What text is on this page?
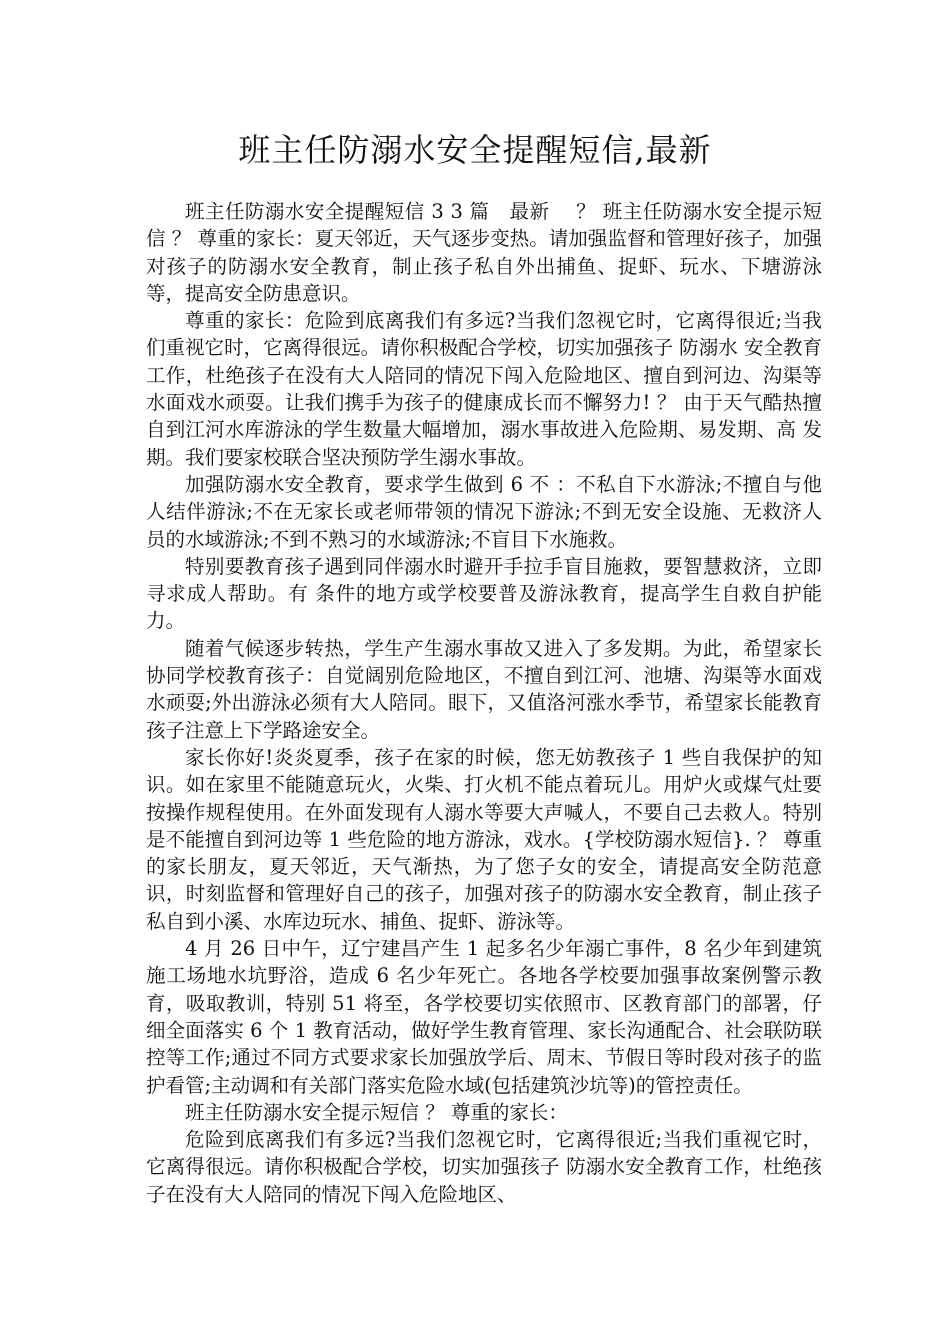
班主任防溺水安全提醒短信,最新

班主任防溺水安全提醒短信 3 3 篇　最新　 ？ 班主任防溺水安全提示短信 ？ 尊重的家长：夏天邻近，天气逐步变热。请加强监督和管理好孩子，加强对孩子的防溺水安全教育，制止孩子私自外出捕鱼、捉虾、玩水、下塘游泳等，提高安全防患意识。

尊重的家长：危险到底离我们有多远?当我们忽视它时，它离得很近;当我们重视它时，它离得很远。请你积极配合学校，切实加强孩子 防溺水 安全教育工作，杜绝孩子在没有大人陪同的情况下闯入危险地区、擅自到河边、沟渠等水面戏水顽耍。让我们携手为孩子的健康成长而不懈努力! ？ 由于天气酷热擅自到江河水库游泳的学生数量大幅增加，溺水事故进入危险期、易发期、高 发期。我们要家校联合坚决预防学生溺水事故。

加强防溺水安全教育，要求学生做到 6 不 ：不私自下水游泳;不擅自与他人结伴游泳;不在无家长或老师带领的情况下游泳;不到无安全设施、无救济人员的水域游泳;不到不熟习的水域游泳;不盲目下水施救。

特别要教育孩子遇到同伴溺水时避开手拉手盲目施救，要智慧救济，立即寻求成人帮助。有 条件的地方或学校要普及游泳教育，提高学生自救自护能力。

随着气候逐步转热，学生产生溺水事故又进入了多发期。为此，希望家长协同学校教育孩子：自觉阔别危险地区，不擅自到江河、池塘、沟渠等水面戏水顽耍;外出游泳必须有大人陪同。眼下，又值洛河涨水季节，希望家长能教育孩子注意上下学路途安全。

家长你好!炎炎夏季，孩子在家的时候，您无妨教孩子 1 些自我保护的知识。如在家里不能随意玩火，火柴、打火机不能点着玩儿。用炉火或煤气灶要按操作规程使用。在外面发现有人溺水等要大声喊人，不要自己去救人。特别是不能擅自到河边等 1 些危险的地方游泳，戏水。{学校防溺水短信}. ？ 尊重的家长朋友，夏天邻近，天气渐热，为了您子女的安全，请提高安全防范意识，时刻监督和管理好自己的孩子，加强对孩子的防溺水安全教育，制止孩子私自到小溪、水库边玩水、捕鱼、捉虾、游泳等。

4 月 26 日中午，辽宁建昌产生 1 起多名少年溺亡事件，8 名少年到建筑施工场地水坑野浴，造成 6 名少年死亡。各地各学校要加强事故案例警示教育，吸取教训，特别 51 将至，各学校要切实依照市、区教育部门的部署，仔细全面落实 6 个 1 教育活动，做好学生教育管理、家长沟通配合、社会联防联控等工作;通过不同方式要求家长加强放学后、周末、节假日等时段对孩子的监护看管;主动调和有关部门落实危险水域(包括建筑沙坑等)的管控责任。

班主任防溺水安全提示短信 ？ 尊重的家长：

危险到底离我们有多远?当我们忽视它时，它离得很近;当我们重视它时，它离得很远。请你积极配合学校，切实加强孩子 防溺水安全教育工作，杜绝孩子在没有大人陪同的情况下闯入危险地区、
